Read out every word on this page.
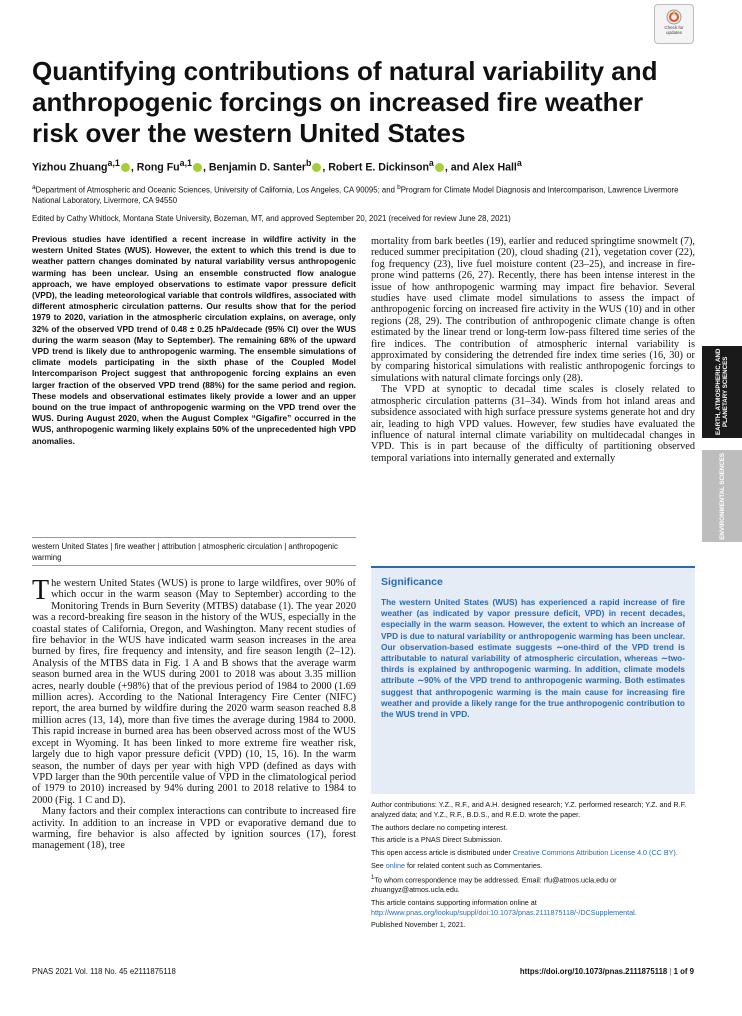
Check for
updates
Quantifying contributions of natural variability and anthropogenic forcings on increased fire weather risk over the western United States
Yizhou Zhuang$^{a,1}$ , Rong Fu$^{a,1}$ , Benjamin D. Santer$^b$ , Robert E. Dickinson$^a$ , and Alex Hall$^a$
$^a$Department of Atmospheric and Oceanic Sciences, University of California, Los Angeles, CA 90095; and $^b$Program for Climate Model Diagnosis and Intercomparison, Lawrence Livermore National Laboratory, Livermore, CA 94550
Edited by Cathy Whitlock, Montana State University, Bozeman, MT, and approved September 20, 2021 (received for review June 28, 2021)
Previous studies have identified a recent increase in wildfire activity in the western United States (WUS). However, the extent to which this trend is due to weather pattern changes dominated by natural variability versus anthropogenic warming has been unclear. Using an ensemble constructed flow analogue approach, we have employed observations to estimate vapor pressure deficit (VPD), the leading meteorological variable that controls wildfires, associated with different atmospheric circulation patterns. Our results show that for the period 1979 to 2020, variation in the atmospheric circulation explains, on average, only 32% of the observed VPD trend of 0.48 ± 0.25 hPa/decade (95% CI) over the WUS during the warm season (May to September). The remaining 68% of the upward VPD trend is likely due to anthropogenic warming. The ensemble simulations of climate models participating in the sixth phase of the Coupled Model Intercomparison Project suggest that anthropogenic forcing explains an even larger fraction of the observed VPD trend (88%) for the same period and region. These models and observational estimates likely provide a lower and an upper bound on the true impact of anthropogenic warming on the VPD trend over the WUS. During August 2020, when the August Complex “Gigafire” occurred in the WUS, anthropogenic warming likely explains 50% of the unprecedented high VPD anomalies.
western United States | fire weather | attribution | atmospheric circulation | anthropogenic warming

The western United States (WUS) is prone to large wildfires, over 90% of which occur in the warm season (May to September) according to the Monitoring Trends in Burn Severity (MTBS) database (1). The year 2020 was a record-breaking fire season in the history of the WUS, especially in the coastal states of California, Oregon, and Washington. Many recent studies of fire behavior in the WUS have indicated warm season increases in the area burned by fires, fire frequency and intensity, and fire season length (2–12). Analysis of the MTBS data in Fig. 1 A and B shows that the average warm season burned area in the WUS during 2001 to 2018 was about 3.35 million acres, nearly double (+98%) that of the previous period of 1984 to 2000 (1.69 million acres). According to the National Interagency Fire Center (NIFC) report, the area burned by wildfire during the 2020 warm season reached 8.8 million acres (13, 14), more than five times the average during 1984 to 2000. This rapid increase in burned area has been observed across most of the WUS except in Wyoming. It has been linked to more extreme fire weather risk, largely due to high vapor pressure deficit (VPD) (10, 15, 16). In the warm season, the number of days per year with high VPD (defined as days with VPD larger than the 90th percentile value of VPD in the climatological period of 1979 to 2010) increased by 94% during 2001 to 2018 relative to 1984 to 2000 (Fig. 1 C and D).

Many factors and their complex interactions can contribute to increased fire activity. In addition to an increase in VPD or evaporative demand due to warming, fire behavior is also affected by ignition sources (17), forest management (18), tree

mortality from bark beetles (19), earlier and reduced springtime snowmelt (7), reduced summer precipitation (20), cloud shading (21), vegetation cover (22), fog frequency (23), live fuel moisture content (23–25), and increase in fire-prone wind patterns (26, 27). Recently, there has been intense interest in the issue of how anthropogenic warming may impact fire behavior. Several studies have used climate model simulations to assess the impact of anthropogenic forcing on increased fire activity in the WUS (10) and in other regions (28, 29). The contribution of anthropogenic climate change is often estimated by the linear trend or long-term low-pass filtered time series of the fire indices. The contribution of atmospheric internal variability is approximated by considering the detrended fire index time series (16, 30) or by comparing historical simulations with realistic anthropogenic forcings to simulations with natural climate forcings only (28).

The VPD at synoptic to decadal time scales is closely related to atmospheric circulation patterns (31–34). Winds from hot inland areas and subsidence associated with high surface pressure systems generate hot and dry air, leading to high VPD values. However, few studies have evaluated the influence of natural internal climate variability on multidecadal changes in VPD. This is in part because of the difficulty of partitioning observed temporal variations into internally generated and externally

Significance
The western United States (WUS) has experienced a rapid increase of fire weather (as indicated by vapor pressure deficit, VPD) in recent decades, especially in the warm season. However, the extent to which an increase of VPD is due to natural variability or anthropogenic warming has been unclear. Our observation-based estimate suggests ∼one-third of the VPD trend is attributable to natural variability of atmospheric circulation, whereas ∼two-thirds is explained by anthropogenic warming. In addition, climate models attribute ∼90% of the VPD trend to anthropogenic warming. Both estimates suggest that anthropogenic warming is the main cause for increasing fire weather and provide a likely range for the true anthropogenic contribution to the WUS trend in VPD.

Author contributions: Y.Z., R.F., and A.H. designed research; Y.Z. performed research; Y.Z. and R.F. analyzed data; and Y.Z., R.F., B.D.S., and R.E.D. wrote the paper.

The authors declare no competing interest.

This article is a PNAS Direct Submission.

This open access article is distributed under Creative Commons Attribution License 4.0 (CC BY).

See online for related content such as Commentaries.

$^1$To whom correspondence may be addressed. Email: rfu@atmos.ucla.edu or zhuangyz@atmos.ucla.edu.

This article contains supporting information online at http://www.pnas.org/lookup/suppl/doi:10.1073/pnas.2111875118/-/DCSupplemental.

Published November 1, 2021.

EARTH, ATMOSPHERIC, AND PLANETARY SCIENCES
ENVIRONMENTAL SCIENCES
PNAS 2021 Vol. 118 No. 45 e2111875118	https://doi.org/10.1073/pnas.2111875118 | 1 of 9
